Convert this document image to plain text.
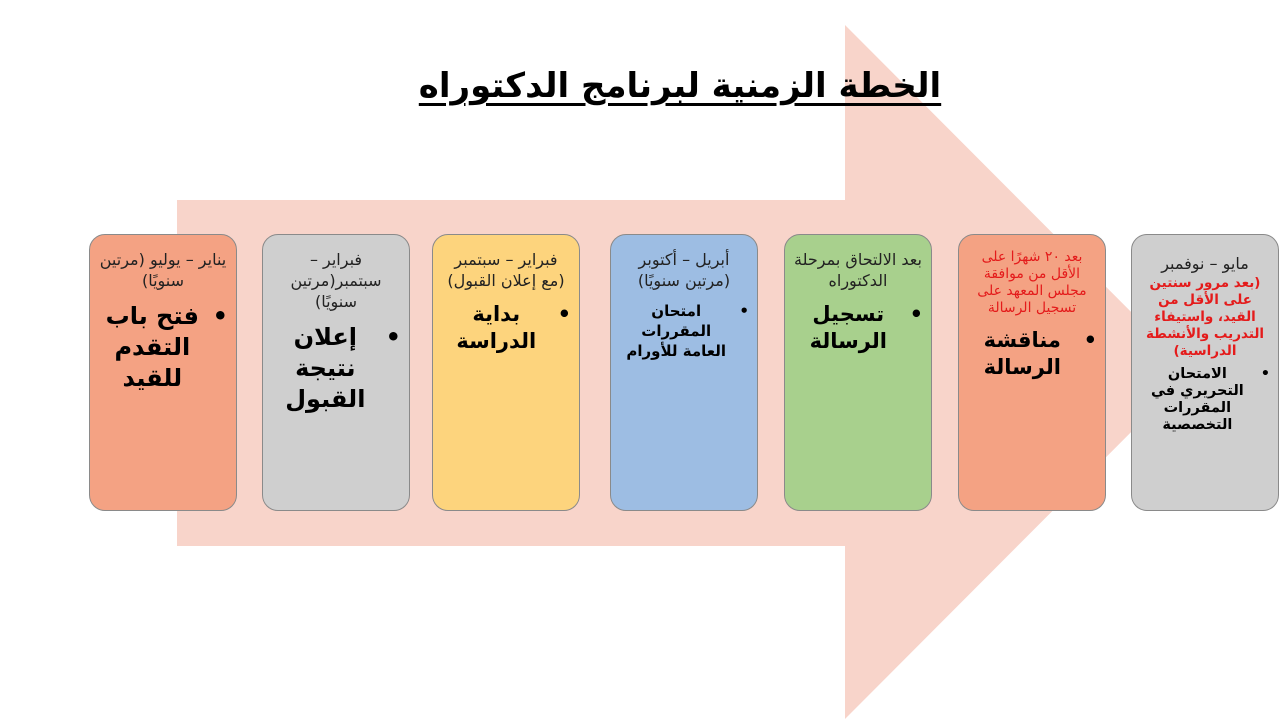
الخطة الزمنية لبرنامج الدكتوراه
يناير – يوليو (مرتين سنويًا)
•
فتح باب التقدم للقيد
فبراير – سبتمبر(مرتين سنويًا)
•
إعلان نتيجة القبول
فبراير – سبتمبر (مع إعلان القبول)
•
بداية الدراسة
أبريل – أكتوبر (مرتين سنويًا)
•
امتحان المقررات العامة للأورام
بعد الالتحاق بمرحلة الدكتوراه
•
تسجيل الرسالة
بعد ٢٠ شهرًا على الأقل من موافقة مجلس المعهد على تسجيل الرسالة
•
مناقشة الرسالة
مايو – نوفمبر
(بعد مرور سنتين على الأقل من القيد، واستيفاء التدريب والأنشطة الدراسية)
•
الامتحان التحريري في المقررات التخصصية
